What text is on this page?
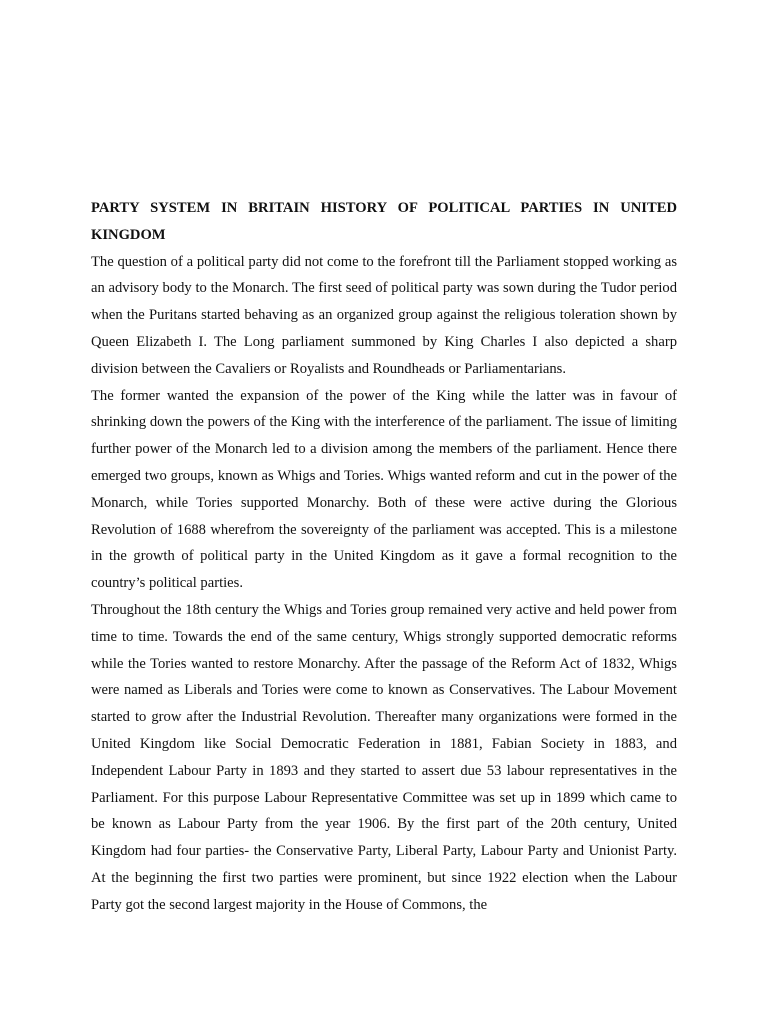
PARTY SYSTEM IN BRITAIN HISTORY OF POLITICAL PARTIES IN UNITED KINGDOM

The question of a political party did not come to the forefront till the Parliament stopped working as an advisory body to the Monarch. The first seed of political party was sown during the Tudor period when the Puritans started behaving as an organized group against the religious toleration shown by Queen Elizabeth I. The Long parliament summoned by King Charles I also depicted a sharp division between the Cavaliers or Royalists and Roundheads or Parliamentarians.

The former wanted the expansion of the power of the King while the latter was in favour of shrinking down the powers of the King with the interference of the parliament. The issue of limiting further power of the Monarch led to a division among the members of the parliament. Hence there emerged two groups, known as Whigs and Tories. Whigs wanted reform and cut in the power of the Monarch, while Tories supported Monarchy. Both of these were active during the Glorious Revolution of 1688 wherefrom the sovereignty of the parliament was accepted. This is a milestone in the growth of political party in the United Kingdom as it gave a formal recognition to the country’s political parties.

Throughout the 18th century the Whigs and Tories group remained very active and held power from time to time. Towards the end of the same century, Whigs strongly supported democratic reforms while the Tories wanted to restore Monarchy. After the passage of the Reform Act of 1832, Whigs were named as Liberals and Tories were come to known as Conservatives. The Labour Movement started to grow after the Industrial Revolution. Thereafter many organizations were formed in the United Kingdom like Social Democratic Federation in 1881, Fabian Society in 1883, and Independent Labour Party in 1893 and they started to assert due 53 labour representatives in the Parliament. For this purpose Labour Representative Committee was set up in 1899 which came to be known as Labour Party from the year 1906. By the first part of the 20th century, United Kingdom had four parties- the Conservative Party, Liberal Party, Labour Party and Unionist Party. At the beginning the first two parties were prominent, but since 1922 election when the Labour Party got the second largest majority in the House of Commons, the
